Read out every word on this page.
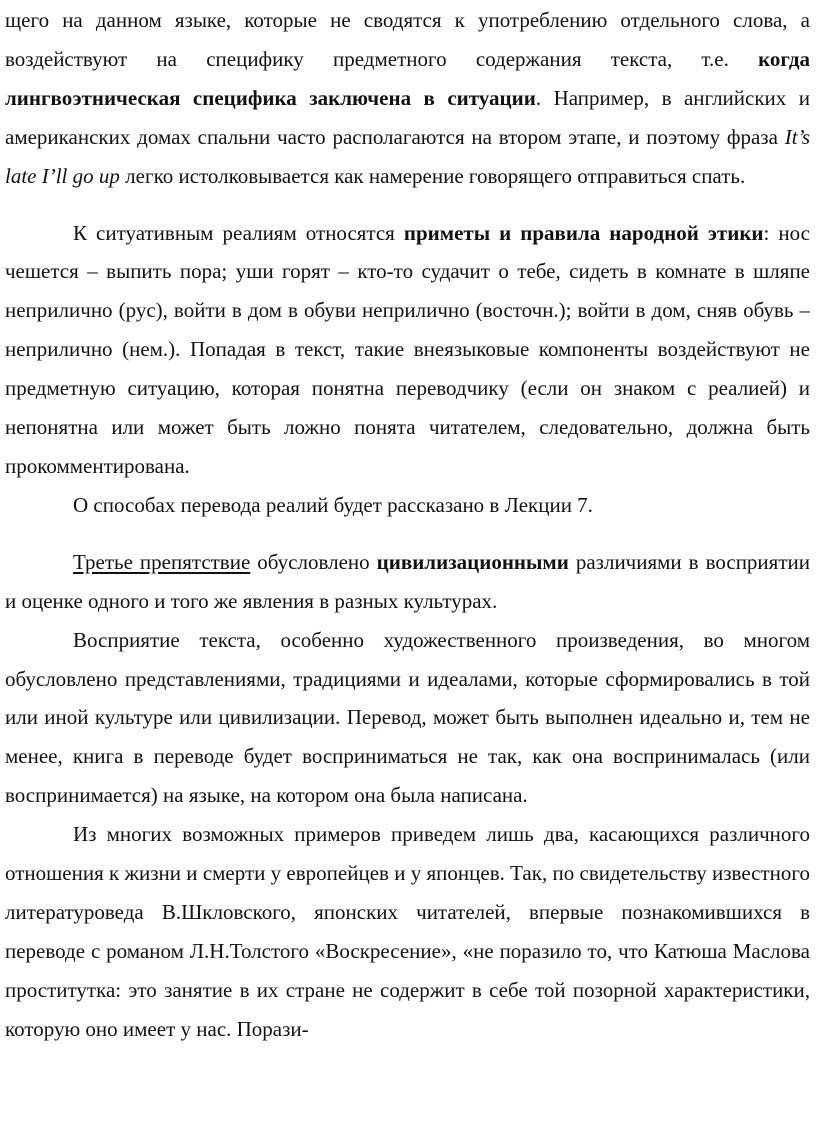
щего на данном языке, которые не сводятся к употреблению отдельного слова, а воздействуют на специфику предметного содержания текста, т.е. когда лингвоэтническая специфика заключена в ситуации. Например, в английских и американских домах спальни часто располагаются на втором этапе, и поэтому фраза It’s late I’ll go up легко истолковывается как намерение говорящего отправиться спать.

К ситуативным реалиям относятся приметы и правила народной этики: нос чешется – выпить пора; уши горят – кто-то судачит о тебе, сидеть в комнате в шляпе неприлично (рус), войти в дом в обуви неприлично (восточн.); войти в дом, сняв обувь – неприлично (нем.). Попадая в текст, такие внеязыковые компоненты воздействуют не предметную ситуацию, которая понятна переводчику (если он знаком с реалией) и непонятна или может быть ложно понята читателем, следовательно, должна быть прокомментирована.

О способах перевода реалий будет рассказано в Лекции 7.

Третье препятствие обусловлено цивилизационными различиями в восприятии и оценке одного и того же явления в разных культурах.

Восприятие текста, особенно художественного произведения, во многом обусловлено представлениями, традициями и идеалами, которые сформировались в той или иной культуре или цивилизации. Перевод, может быть выполнен идеально и, тем не менее, книга в переводе будет восприниматься не так, как она воспринималась (или воспринимается) на языке, на котором она была написана.

Из многих возможных примеров приведем лишь два, касающихся различного отношения к жизни и смерти у европейцев и у японцев. Так, по свидетельству известного литературоведа В.Шкловского, японских читателей, впервые познакомившихся в переводе с романом Л.Н.Толстого «Воскресение», «не поразило то, что Катюша Маслова проститутка: это занятие в их стране не содержит в себе той позорной характеристики, которую оно имеет у нас. Порази-
